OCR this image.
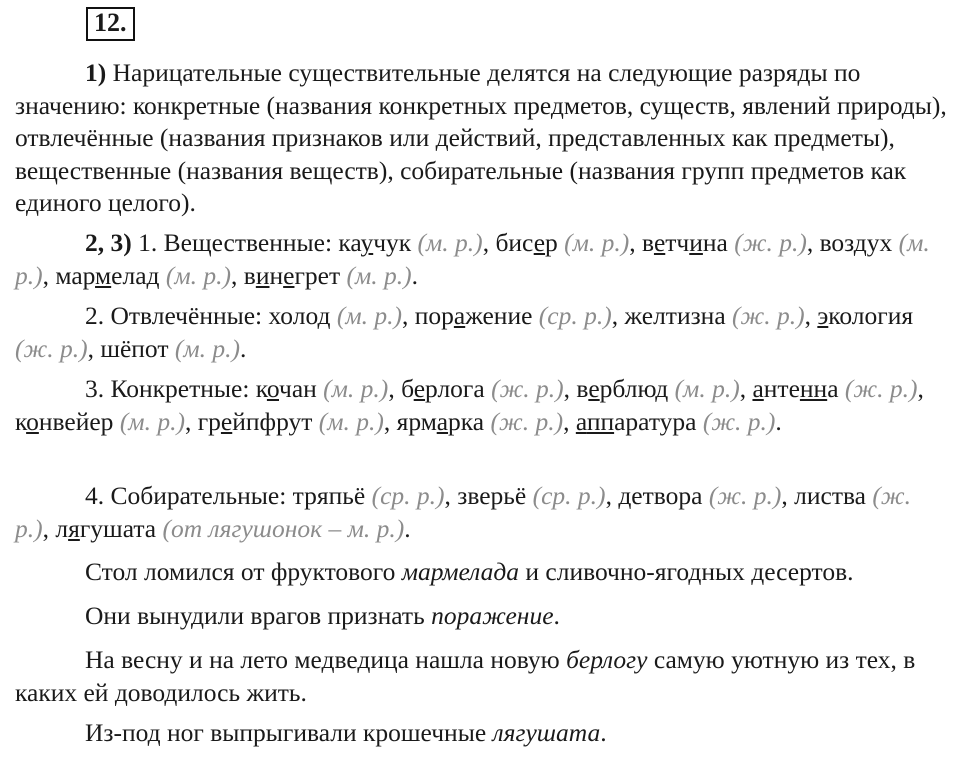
12.

1) Нарицательные существительные делятся на следующие разряды по значению: конкретные (названия конкретных предметов, существ, явлений природы), отвлечённые (названия признаков или действий, представленных как предметы), вещественные (названия веществ), собирательные (названия групп предметов как единого целого).

2, 3) 1. Вещественные: каучук (м. р.), бисер (м. р.), ветчина (ж. р.), воздух (м. р.), мармелад (м. р.), винегрет (м. р.).

2. Отвлечённые: холод (м. р.), поражение (ср. р.), желтизна (ж. р.), экология (ж. р.), шёпот (м. р.).

3. Конкретные: кочан (м. р.), берлога (ж. р.), верблюд (м. р.), антенна (ж. р.), конвейер (м. р.), грейпфрут (м. р.), ярмарка (ж. р.), аппаратура (ж. р.).

4. Собирательные: тряпьё (ср. р.), зверьё (ср. р.), детвора (ж. р.), листва (ж. р.), лягушата (от лягушонок – м. р.).

Стол ломился от фруктового мармелада и сливочно-ягодных десертов.

Они вынудили врагов признать поражение.

На весну и на лето медведица нашла новую берлогу самую уютную из тех, в каких ей доводилось жить.

Из-под ног выпрыгивали крошечные лягушата.
